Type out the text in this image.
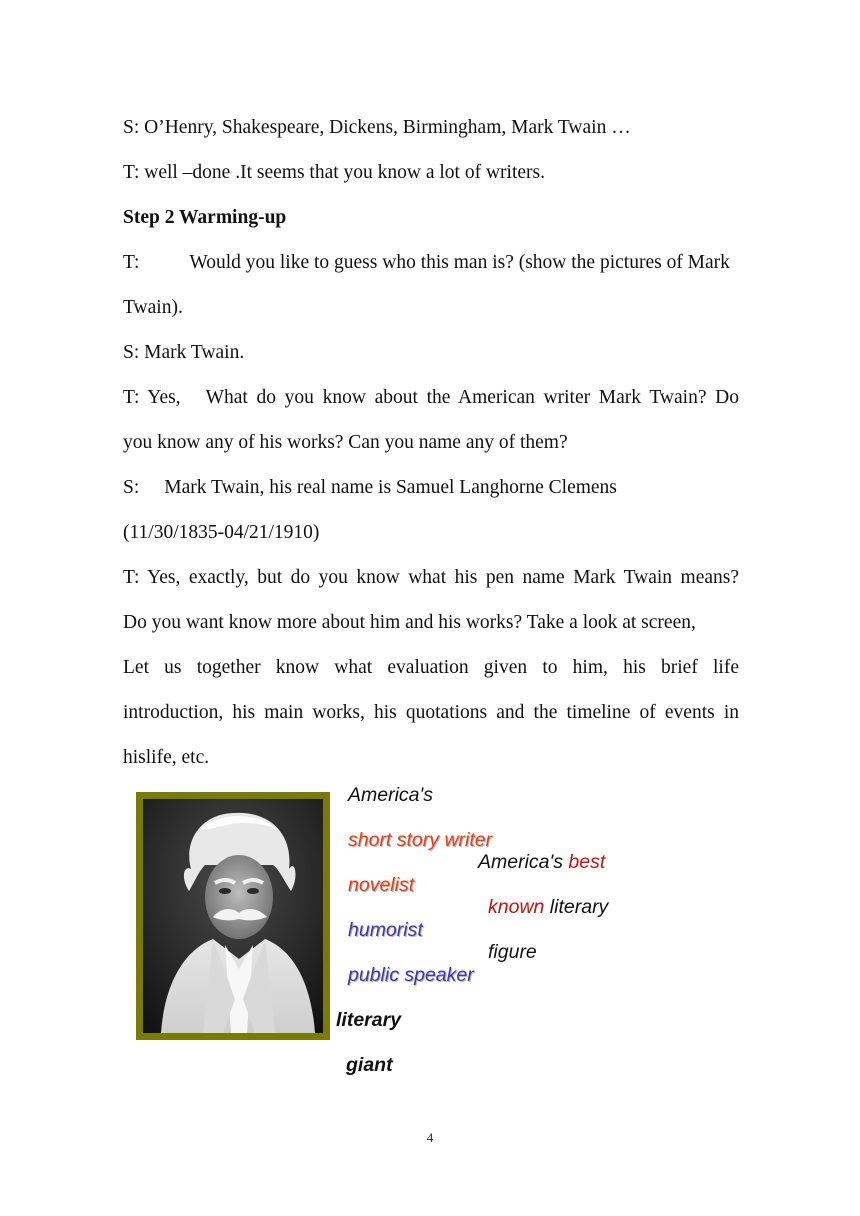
S: O’Henry, Shakespeare, Dickens, Birmingham, Mark Twain …
T: well –done .It seems that you know a lot of writers.
Step 2 Warming-up
T:	Would you like to guess who this man is? (show the pictures of Mark
Twain).
S: Mark Twain.
T: Yes, What do you know about the American writer Mark Twain? Do
you know any of his works? Can you name any of them?
S: Mark Twain, his real name is Samuel Langhorne Clemens
(11/30/1835-04/21/1910)
T: Yes, exactly, but do you know what his pen name Mark Twain means?
Do you want know more about him and his works? Take a look at screen,
Let us together know what evaluation given to him, his brief life
introduction, his main works, his quotations and the timeline of events in
hislife, etc.
America's
short story writer
America's best
novelist
known literary
humorist
figure
public speaker
literary
giant
4
